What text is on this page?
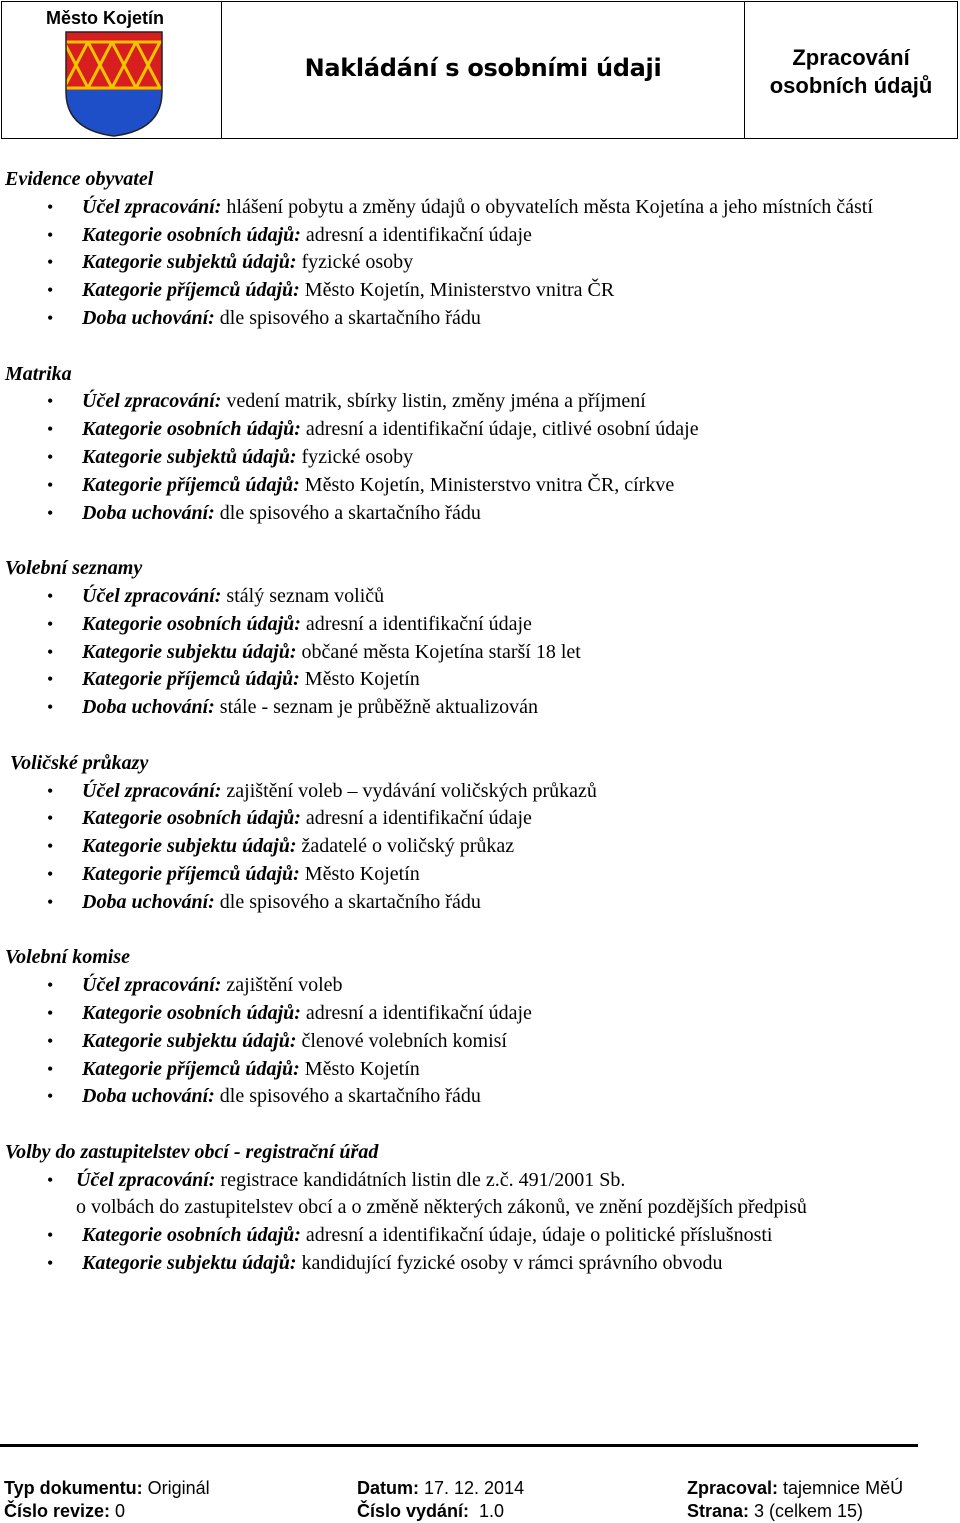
Město Kojetín
Nakládání s osobními údaji	Zpracování
osobních údajů
Evidence obyvatel
• Účel zpracování: hlášení pobytu a změny údajů o obyvatelích města Kojetína a jeho místních částí
• Kategorie osobních údajů: adresní a identifikační údaje
• Kategorie subjektů údajů: fyzické osoby
• Kategorie příjemců údajů: Město Kojetín, Ministerstvo vnitra ČR
• Doba uchování: dle spisového a skartačního řádu
Matrika
• Účel zpracování: vedení matrik, sbírky listin, změny jména a příjmení
• Kategorie osobních údajů: adresní a identifikační údaje, citlivé osobní údaje
• Kategorie subjektů údajů: fyzické osoby
• Kategorie příjemců údajů: Město Kojetín, Ministerstvo vnitra ČR, církve
• Doba uchování: dle spisového a skartačního řádu
Volební seznamy
• Účel zpracování: stálý seznam voličů
• Kategorie osobních údajů: adresní a identifikační údaje
• Kategorie subjektu údajů: občané města Kojetína starší 18 let
• Kategorie příjemců údajů: Město Kojetín
• Doba uchování: stále - seznam je průběžně aktualizován
Voličské průkazy
• Účel zpracování: zajištění voleb – vydávání voličských průkazů
• Kategorie osobních údajů: adresní a identifikační údaje
• Kategorie subjektu údajů: žadatelé o voličský průkaz
• Kategorie příjemců údajů: Město Kojetín
• Doba uchování: dle spisového a skartačního řádu
Volební komise
• Účel zpracování: zajištění voleb
• Kategorie osobních údajů: adresní a identifikační údaje
• Kategorie subjektu údajů: členové volebních komisí
• Kategorie příjemců údajů: Město Kojetín
• Doba uchování: dle spisového a skartačního řádu
Volby do zastupitelstev obcí - registrační úřad
• Účel zpracování: registrace kandidátních listin dle z.č. 491/2001 Sb.
o volbách do zastupitelstev obcí a o změně některých zákonů, ve znění pozdějších předpisů
• Kategorie osobních údajů: adresní a identifikační údaje, údaje o politické příslušnosti
• Kategorie subjektu údajů: kandidující fyzické osoby v rámci správního obvodu
Typ dokumentu: Originál	Datum: 17. 12. 2014	Zpracoval: tajemnice MěÚ
Číslo revize: 0	Číslo vydání:  1.0	Strana: 3 (celkem 15)
